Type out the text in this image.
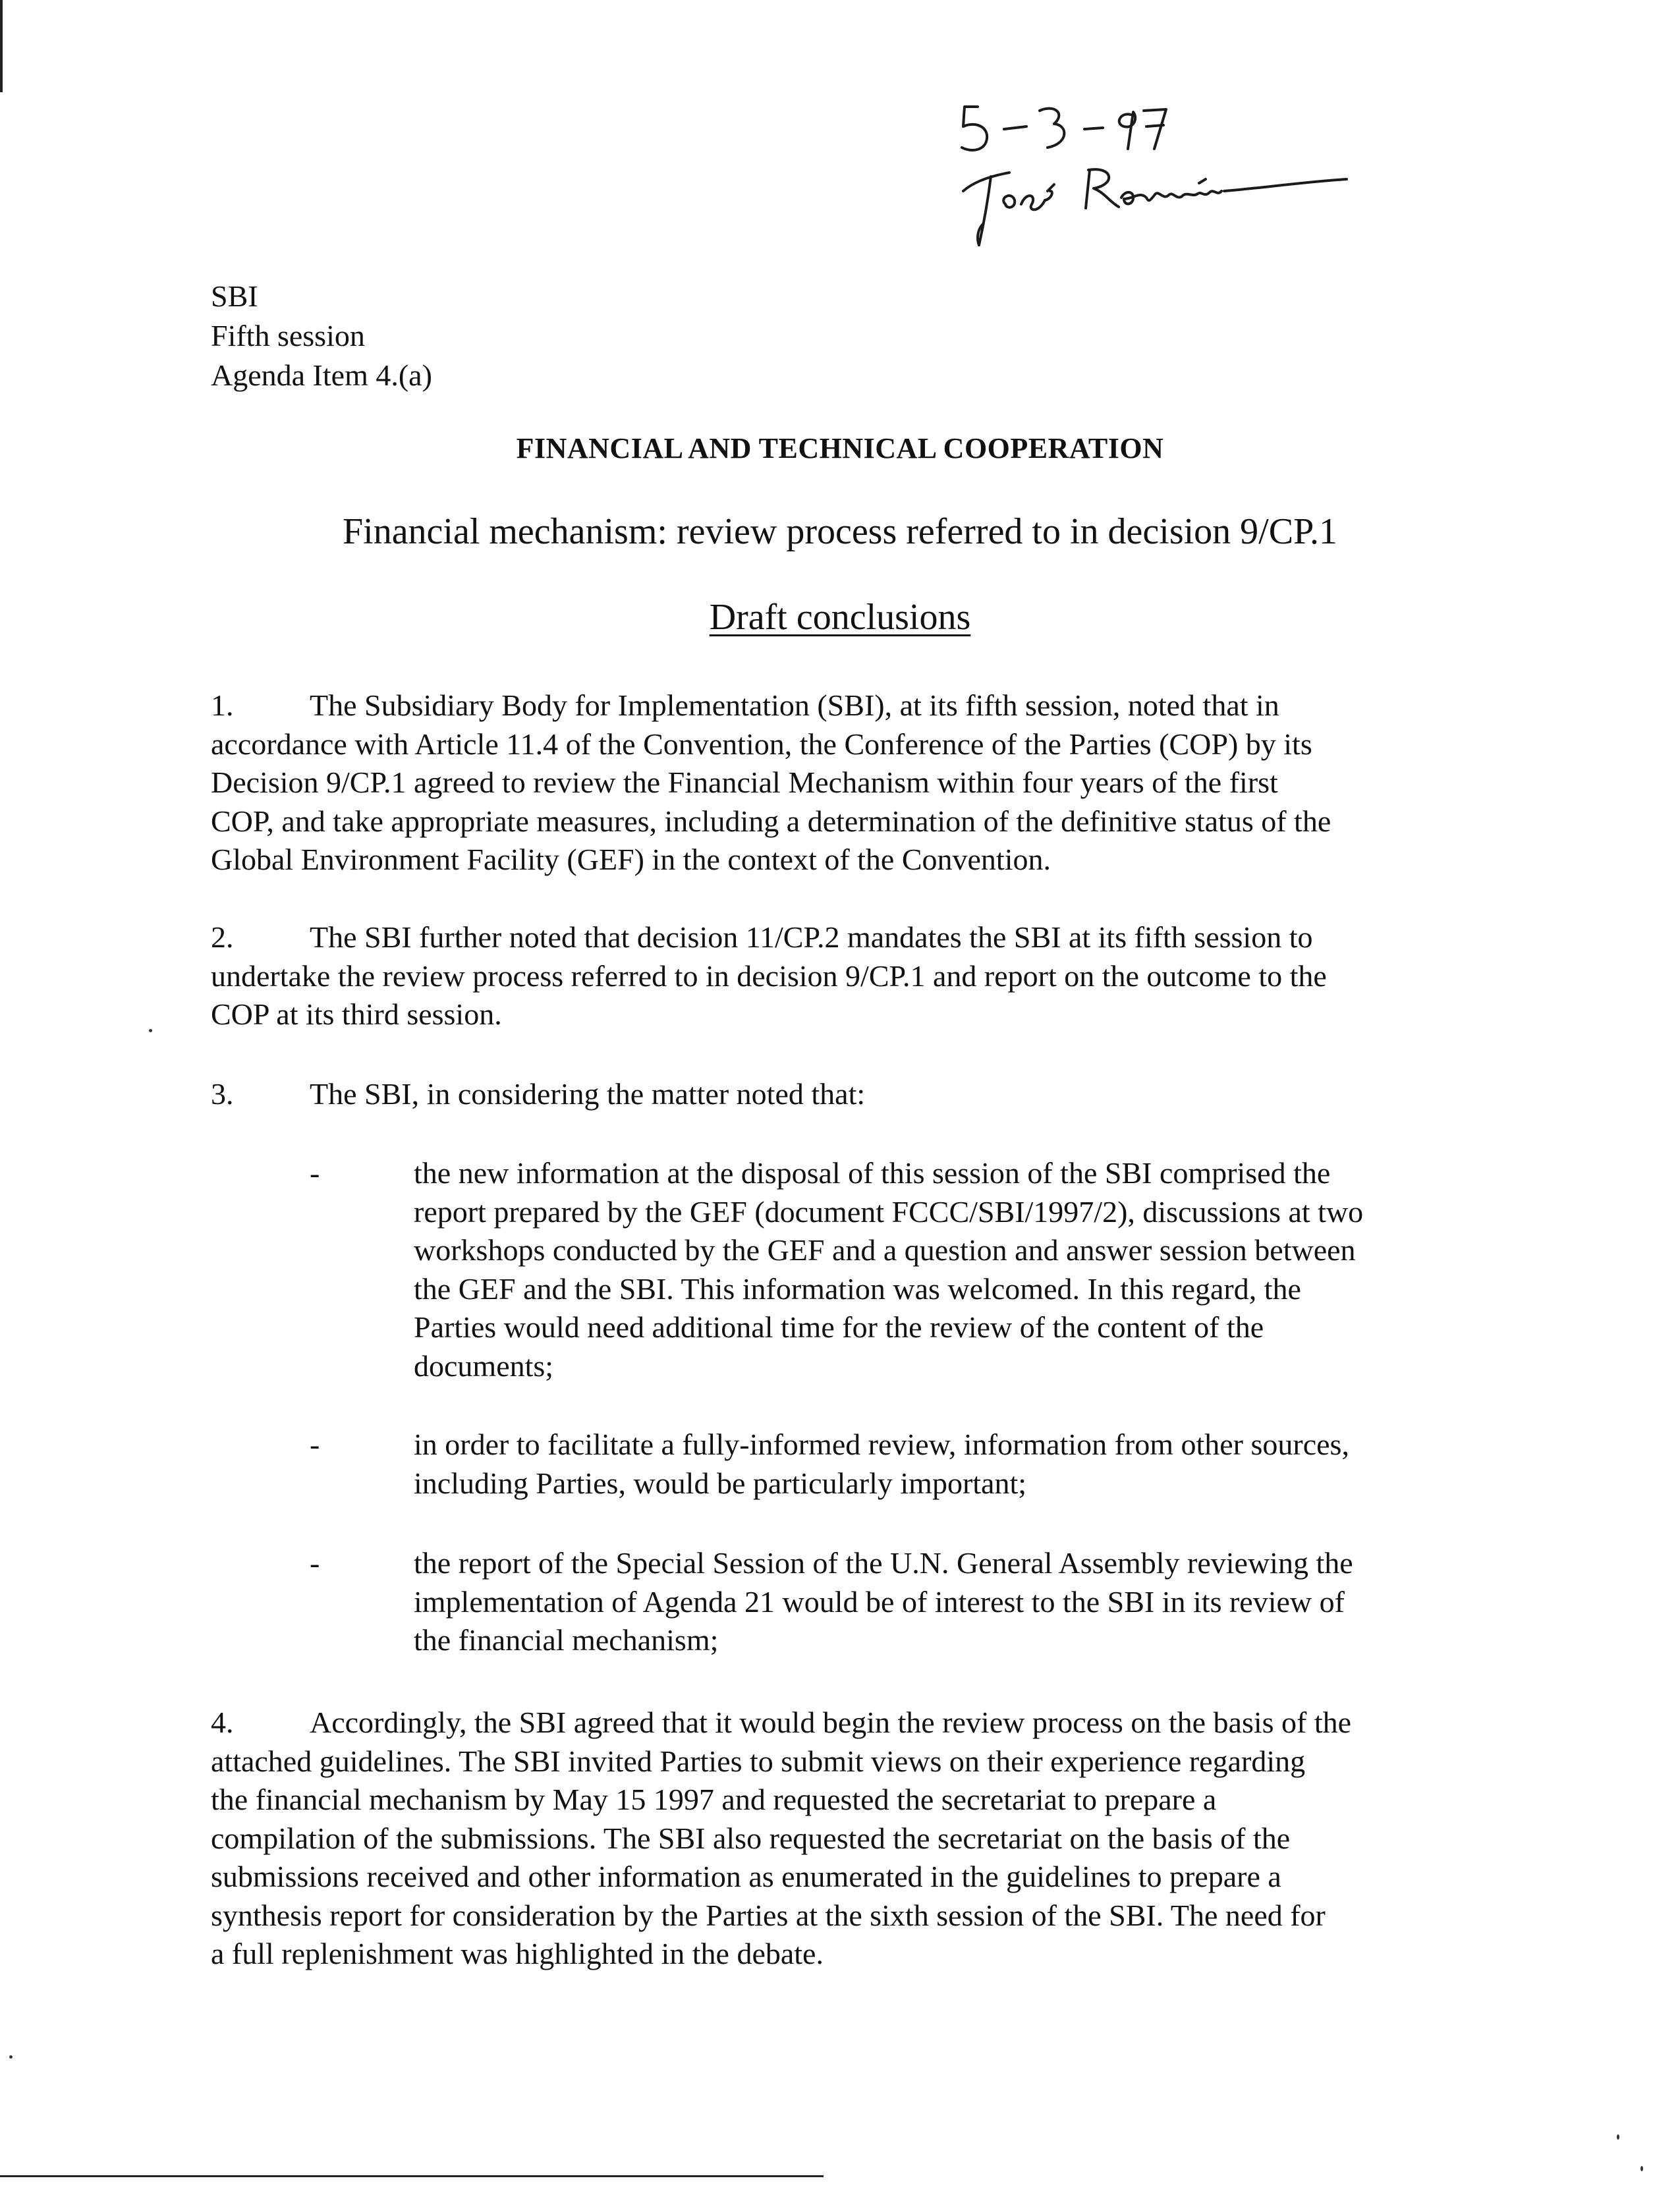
SBI
Fifth session
Agenda Item 4.(a)
FINANCIAL AND TECHNICAL COOPERATION
Financial mechanism: review process referred to in decision 9/CP.1
Draft conclusions
1.	The Subsidiary Body for Implementation (SBI), at its fifth session, noted that in
accordance with Article 11.4 of the Convention, the Conference of the Parties (COP) by its
Decision 9/CP.1 agreed to review the Financial Mechanism within four years of the first
COP, and take appropriate measures, including a determination of the definitive status of the
Global Environment Facility (GEF) in the context of the Convention.
2.	The SBI further noted that decision 11/CP.2 mandates the SBI at its fifth session to
undertake the review process referred to in decision 9/CP.1 and report on the outcome to the
COP at its third session.
3.	The SBI, in considering the matter noted that:
-	the new information at the disposal of this session of the SBI comprised the
report prepared by the GEF (document FCCC/SBI/1997/2), discussions at two
workshops conducted by the GEF and a question and answer session between
the GEF and the SBI. This information was welcomed. In this regard, the
Parties would need additional time for the review of the content of the
documents;
-	in order to facilitate a fully-informed review, information from other sources,
including Parties, would be particularly important;
-	the report of the Special Session of the U.N. General Assembly reviewing the
implementation of Agenda 21 would be of interest to the SBI in its review of
the financial mechanism;
4.	Accordingly, the SBI agreed that it would begin the review process on the basis of the
attached guidelines. The SBI invited Parties to submit views on their experience regarding
the financial mechanism by May 15 1997 and requested the secretariat to prepare a
compilation of the submissions. The SBI also requested the secretariat on the basis of the
submissions received and other information as enumerated in the guidelines to prepare a
synthesis report for consideration by the Parties at the sixth session of the SBI. The need for
a full replenishment was highlighted in the debate.
